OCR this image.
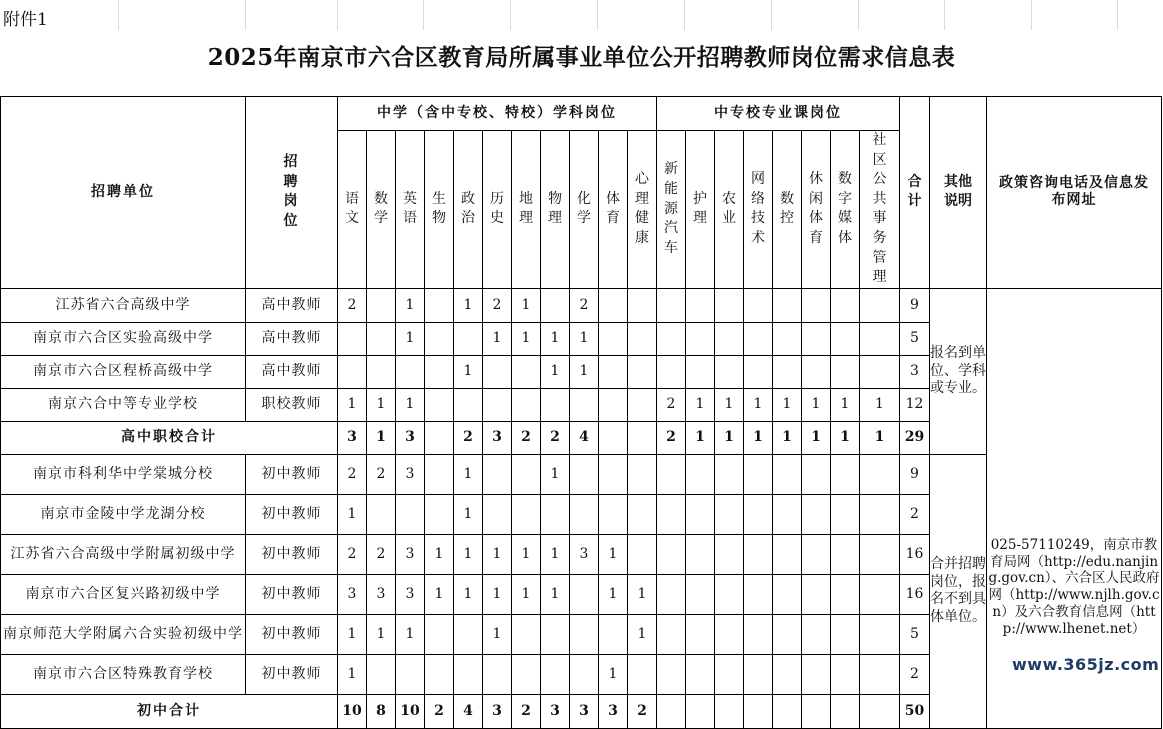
附件1
2025年南京市六合区教育局所属事业单位公开招聘教师岗位需求信息表
招聘单位	招聘岗位	中学（含中专校、特校）学科岗位											中专校专业课岗位								合计	其他说明	政策咨询电话及信息发布网址
		语文	数学	英语	生物	政治	历史	地理	物理	化学	体育	心理健康	新能源汽车	护理	农业	网络技术	数控	休闲体育	数字媒体	社区公共事务管理			
江苏省六合高级中学	高中教师	2		1		1	2	1		2											9	报名到单位、学科或专业。	025-57110249，南京市教育局网（http://edu.nanjing.gov.cn）、六合区人民政府网（http://www.njlh.gov.cn）及六合教育信息网（http://www.lhenet.net）

南京市六合区实验高级中学	高中教师			1			1	1	1	1											5		
南京市六合区程桥高级中学	高中教师					1			1	1											3		
南京六合中等专业学校	职校教师	1	1	1									2	1	1	1	1	1	1	1	12		
高中职校合计		3	1	3		2	3	2	2	4			2	1	1	1	1	1	1	1	29		
南京市科利华中学棠城分校	初中教师	2	2	3		1			1												9	合并招聘岗位，报名不到具体单位。	
南京市金陵中学龙湖分校	初中教师	1				1															2		
江苏省六合高级中学附属初级中学	初中教师	2	2	3	1	1	1	1	1	3	1										16		
南京市六合区复兴路初级中学	初中教师	3	3	3	1	1	1	1	1		1	1									16		
南京师范大学附属六合实验初级中学	初中教师	1	1	1			1					1									5		
南京市六合区特殊教育学校	初中教师	1									1										2		
初中合计		10	8	10	2	4	3	2	3	3	3	2									50		
www.365jz.com
